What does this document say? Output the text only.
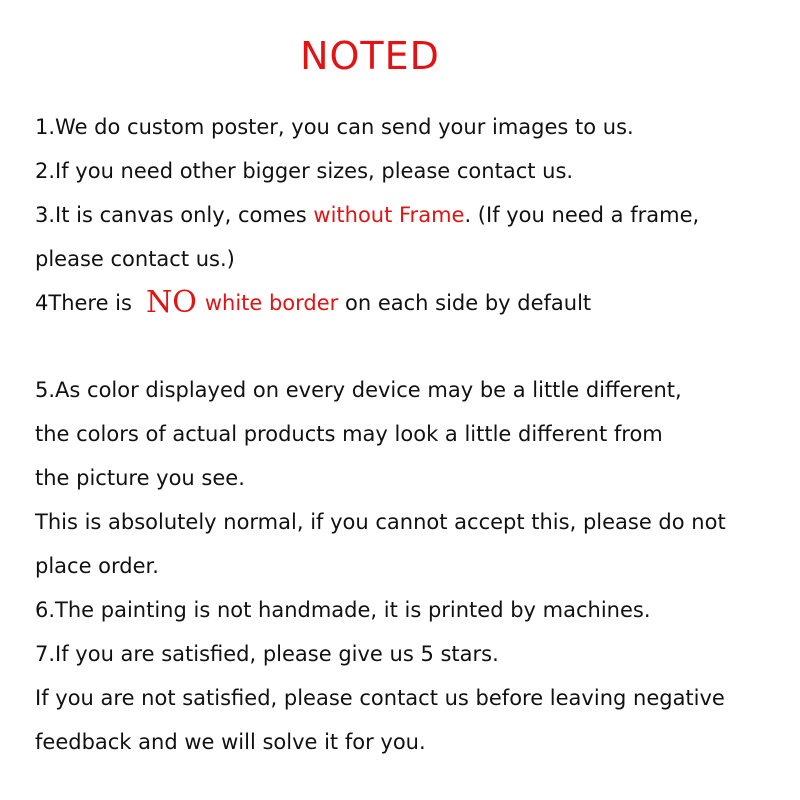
NOTED
1.We do custom poster, you can send your images to us.
2.If you need other bigger sizes, please contact us.
3.It is canvas only, comes without Frame. (If you need a frame,
please contact us.)
4There is NO white border on each side by default
5.As color displayed on every device may be a little different,
the colors of actual products may look a little different from
the picture you see.
This is absolutely normal, if you cannot accept this, please do not
place order.
6.The painting is not handmade, it is printed by machines.
7.If you are satisfied, please give us 5 stars.
If you are not satisfied, please contact us before leaving negative
feedback and we will solve it for you.
